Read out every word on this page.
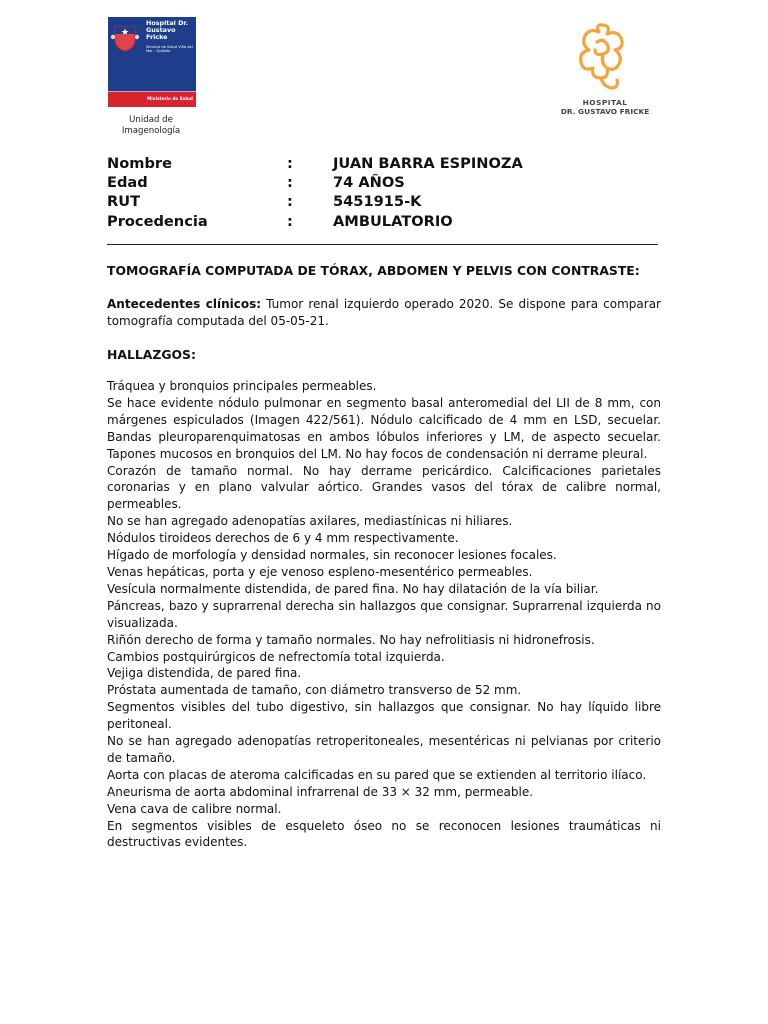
Hospital Dr. Gustavo Fricke
Servicio de Salud Viña del Mar - Quillota
Ministerio de Salud
Unidad de Imagenología
HOSPITAL
DR. GUSTAVO FRICKE
Nombre	:	JUAN BARRA ESPINOZA
Edad	:	74 AÑOS
RUT	:	5451915-K
Procedencia	:	AMBULATORIO
TOMOGRAFÍA COMPUTADA DE TÓRAX, ABDOMEN Y PELVIS CON CONTRASTE:
Antecedentes clínicos: Tumor renal izquierdo operado 2020. Se dispone para comparar tomografía computada del 05-05-21.
HALLAZGOS:
Tráquea y bronquios principales permeables.
Se hace evidente nódulo pulmonar en segmento basal anteromedial del LII de 8 mm, con márgenes espiculados (Imagen 422/561). Nódulo calcificado de 4 mm en LSD, secuelar. Bandas pleuroparenquimatosas en ambos lóbulos inferiores y LM, de aspecto secuelar. Tapones mucosos en bronquios del LM. No hay focos de condensación ni derrame pleural.
Corazón de tamaño normal. No hay derrame pericárdico. Calcificaciones parietales coronarias y en plano valvular aórtico. Grandes vasos del tórax de calibre normal, permeables.
No se han agregado adenopatías axilares, mediastínicas ni hiliares.
Nódulos tiroideos derechos de 6 y 4 mm respectivamente.
Hígado de morfología y densidad normales, sin reconocer lesiones focales.
Venas hepáticas, porta y eje venoso espleno-mesentérico permeables.
Vesícula normalmente distendida, de pared fina. No hay dilatación de la vía biliar.
Páncreas, bazo y suprarrenal derecha sin hallazgos que consignar. Suprarrenal izquierda no visualizada.
Riñón derecho de forma y tamaño normales. No hay nefrolitiasis ni hidronefrosis.
Cambios postquirúrgicos de nefrectomía total izquierda.
Vejiga distendida, de pared fina.
Próstata aumentada de tamaño, con diámetro transverso de 52 mm.
Segmentos visibles del tubo digestivo, sin hallazgos que consignar. No hay líquido libre peritoneal.
No se han agregado adenopatías retroperitoneales, mesentéricas ni pelvianas por criterio de tamaño.
Aorta con placas de ateroma calcificadas en su pared que se extienden al territorio ilíaco.
Aneurisma de aorta abdominal infrarrenal de 33 × 32 mm, permeable.
Vena cava de calibre normal.
En segmentos visibles de esqueleto óseo no se reconocen lesiones traumáticas ni destructivas evidentes.
